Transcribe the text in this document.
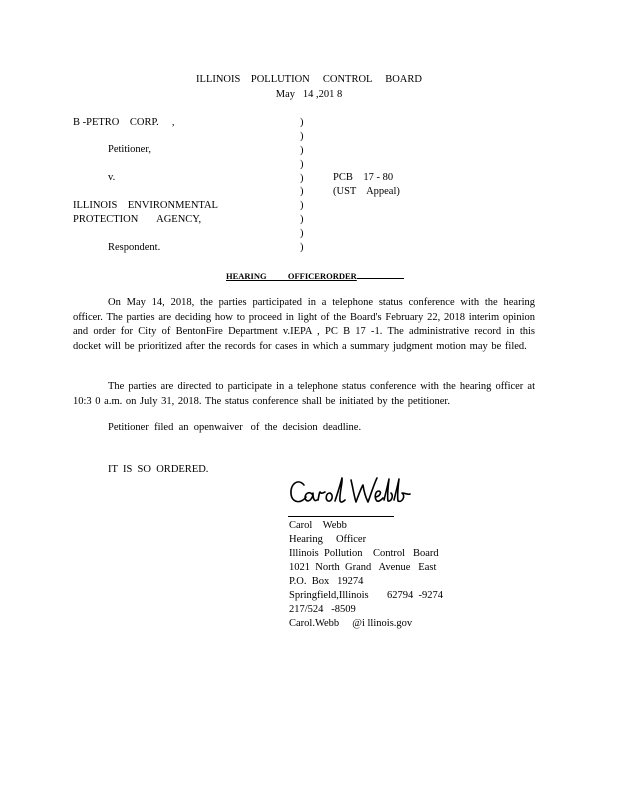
ILLINOIS    POLLUTION     CONTROL     BOARD
May   14 ,201 8
B -PETRO    CORP.     ,
Petitioner,
v.
ILLINOIS    ENVIRONMENTAL
PROTECTION       AGENCY,
Respondent.
)
)
)
)
)
)
)
)
)
)
PCB    17 - 80
(UST    Appeal)
HEARING          OFFICERORDER
On May 14, 2018, the parties participated in a telephone status conference with the hearing officer. The parties are deciding how to proceed in light of the Board's February 22, 2018 interim opinion and order for City of BentonFire Department v.IEPA , PC B 17 -1. The administrative record in this docket will be prioritized after the records for cases in which a summary judgment motion may be filed.
The parties are directed to participate in a telephone status conference with the hearing officer at 10:3 0 a.m. on July 31, 2018. The status conference shall be initiated by the petitioner.
Petitioner  filed  an  openwaiver   of  the  decision  deadline.
IT  IS  SO  ORDERED.
Carol    Webb
Hearing     Officer
Illinois  Pollution    Control   Board
1021  North  Grand   Avenue   East
P.O.  Box   19274
Springfield,Illinois       62794  -9274
217/524   -8509
Carol.Webb     @i llinois.gov
